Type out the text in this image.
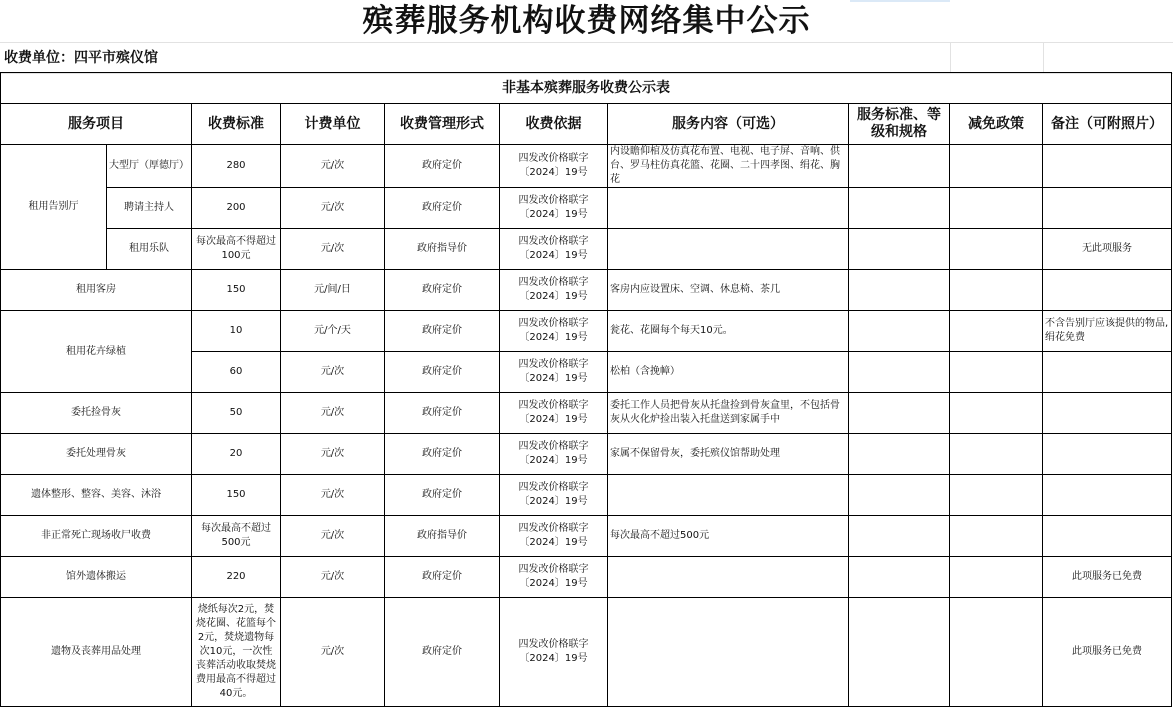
殡葬服务机构收费网络集中公示
收费单位：四平市殡仪馆
非基本殡葬服务收费公示表									
服务项目		收费标准	计费单位	收费管理形式	收费依据	服务内容（可选）	服务标准、等级和规格	减免政策	备注（可附照片）
租用告别厅	大型厅（厚德厅）	280	元/次	政府定价	四发改价格联字〔2024〕19号	内设瞻仰棺及仿真花布置、电视、电子屏、音响、供台、罗马柱仿真花篮、花圈、二十四孝图、绢花、胸花			
	聘请主持人	200	元/次	政府定价	四发改价格联字〔2024〕19号				
	租用乐队	每次最高不得超过100元	元/次	政府指导价	四发改价格联字〔2024〕19号				无此项服务
租用客房		150	元/间/日	政府定价	四发改价格联字〔2024〕19号	客房内应设置床、空调、休息椅、茶几			
租用花卉绿植		10	元/个/天	政府定价	四发改价格联字〔2024〕19号	瓮花、花圈每个每天10元。			不含告别厅应该提供的物品,绢花免费
		60	元/次	政府定价	四发改价格联字〔2024〕19号	松柏（含挽幛）			
委托捡骨灰		50	元/次	政府定价	四发改价格联字〔2024〕19号	委托工作人员把骨灰从托盘捡到骨灰盒里，不包括骨灰从火化炉捡出装入托盘送到家属手中			
委托处理骨灰		20	元/次	政府定价	四发改价格联字〔2024〕19号	家属不保留骨灰，委托殡仪馆帮助处理			
遗体整形、整容、美容、沐浴		150	元/次	政府定价	四发改价格联字〔2024〕19号				
非正常死亡现场收尸收费		每次最高不超过500元	元/次	政府指导价	四发改价格联字〔2024〕19号	每次最高不超过500元			
馆外遗体搬运		220	元/次	政府定价	四发改价格联字〔2024〕19号				此项服务已免费
遗物及丧葬用品处理		烧纸每次2元，焚烧花圈、花篮每个2元，焚烧遗物每次10元，一次性丧葬活动收取焚烧费用最高不得超过40元。	元/次	政府定价	四发改价格联字〔2024〕19号				此项服务已免费
